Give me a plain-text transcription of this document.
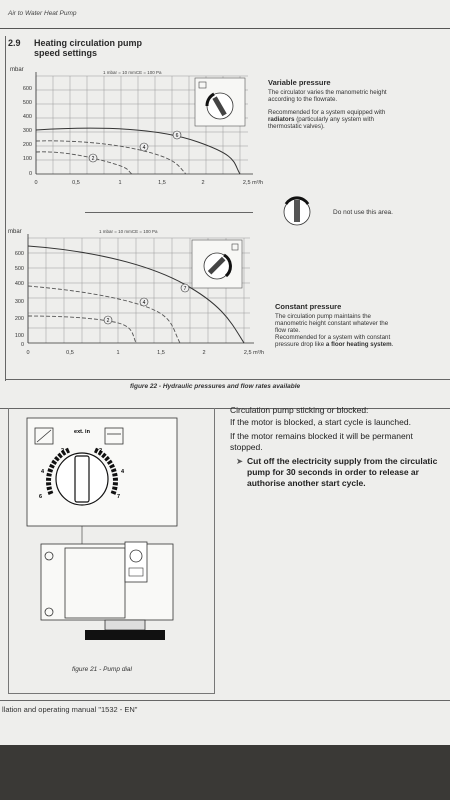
Air to Water Heat Pump
2.9 Heating circulation pump
speed settings
mbar	1 mbar = 10 mmCE = 100 Pa
600
500
400
300
200
100
0
0	0,5	1	1,5	2	2,5 m³/h
2
4
6
Variable pressure
The circulator varies the manometric height
according to the flowrate.
Recommended for a system equipped with
radiators (particularly any system with
thermostatic valves).
Do not use this area.
mbar	1 mbar = 10 mmCE = 100 Pa
600
500
400
300
200
100
0
0	0,5	1	1,5	2	2,5 m³/h
2
4
7
Constant pressure
The circulation pump maintains the
manometric height constant whatever the
flow rate.
Recommended for a system with constant
pressure drop like a floor heating system.
figure 22 - Hydraulic pressures and flow rates available
ext. in
2
4
6
2
4
7
figure 21 - Pump dial
Circulation pump sticking or blocked:
If the motor is blocked, a start cycle is launched.
If the motor remains blocked it will be permanent
stopped.
➤ Cut off the electricity supply from the circulatic
pump for 30 seconds in order to release ar
authorise another start cycle.
llation and operating manual "1532 - EN"
